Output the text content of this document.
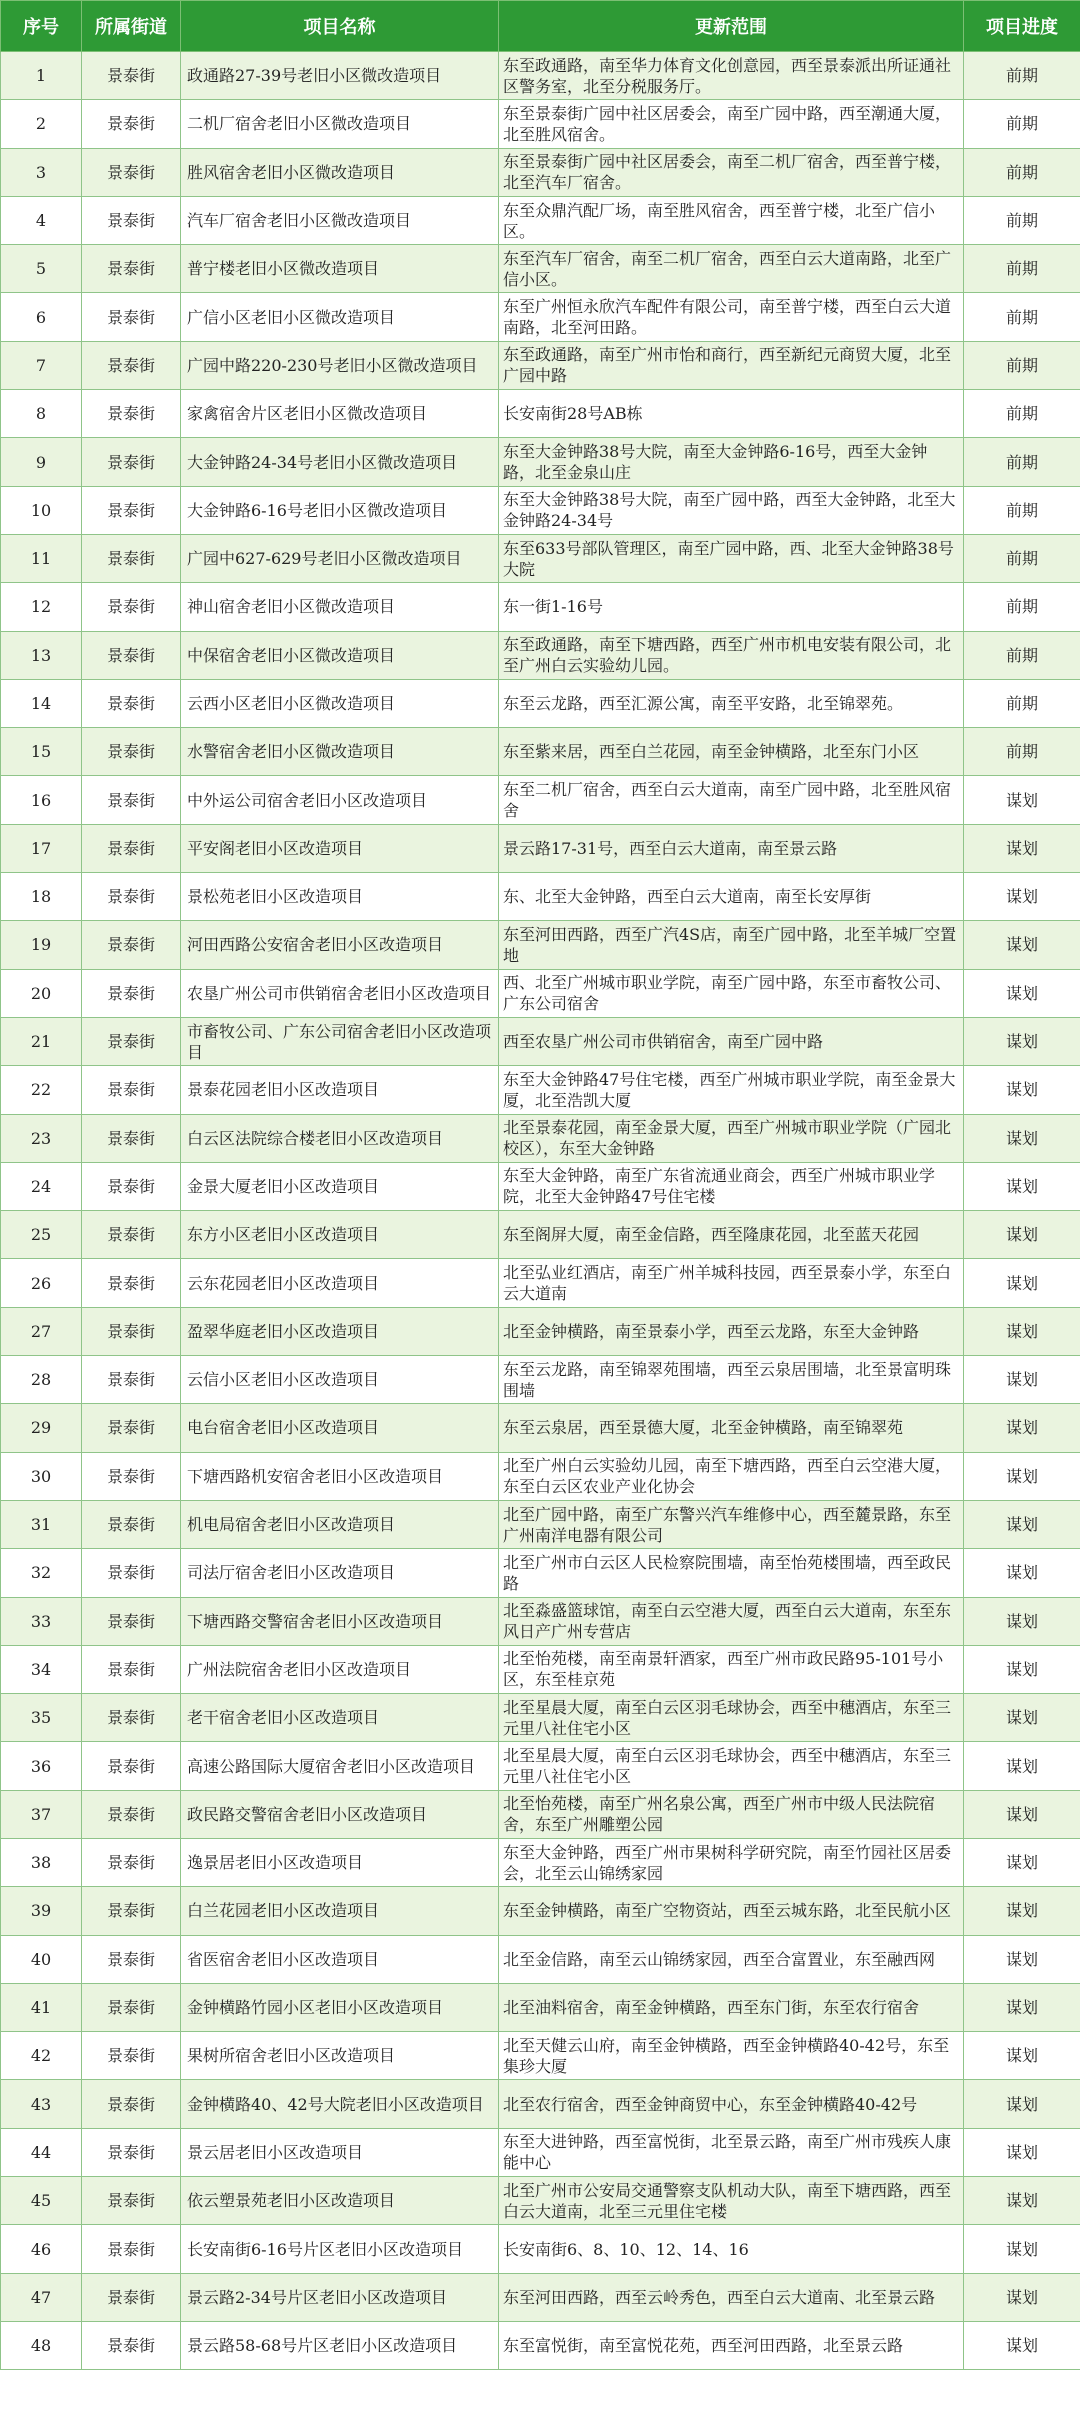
序号	所属街道	项目名称	更新范围	项目进度
1	景泰街	政通路27-39号老旧小区微改造项目	东至政通路，南至华力体育文化创意园，西至景泰派出所证通社区警务室，北至分税服务厅。	前期
2	景泰街	二机厂宿舍老旧小区微改造项目	东至景泰街广园中社区居委会，南至广园中路，西至潮通大厦，北至胜风宿舍。	前期
3	景泰街	胜风宿舍老旧小区微改造项目	东至景泰街广园中社区居委会，南至二机厂宿舍，西至普宁楼，北至汽车厂宿舍。	前期
4	景泰街	汽车厂宿舍老旧小区微改造项目	东至众鼎汽配厂场，南至胜风宿舍，西至普宁楼，北至广信小区。	前期
5	景泰街	普宁楼老旧小区微改造项目	东至汽车厂宿舍，南至二机厂宿舍，西至白云大道南路，北至广信小区。	前期
6	景泰街	广信小区老旧小区微改造项目	东至广州恒永欣汽车配件有限公司，南至普宁楼，西至白云大道南路，北至河田路。	前期
7	景泰街	广园中路220-230号老旧小区微改造项目	东至政通路，南至广州市怡和商行，西至新纪元商贸大厦，北至广园中路	前期
8	景泰街	家禽宿舍片区老旧小区微改造项目	长安南街28号AB栋	前期
9	景泰街	大金钟路24-34号老旧小区微改造项目	东至大金钟路38号大院，南至大金钟路6-16号，西至大金钟路，北至金泉山庄	前期
10	景泰街	大金钟路6-16号老旧小区微改造项目	东至大金钟路38号大院，南至广园中路，西至大金钟路，北至大金钟路24-34号	前期
11	景泰街	广园中627-629号老旧小区微改造项目	东至633号部队管理区，南至广园中路，西、北至大金钟路38号大院	前期
12	景泰街	神山宿舍老旧小区微改造项目	东一街1-16号	前期
13	景泰街	中保宿舍老旧小区微改造项目	东至政通路，南至下塘西路，西至广州市机电安装有限公司，北至广州白云实验幼儿园。	前期
14	景泰街	云西小区老旧小区微改造项目	东至云龙路，西至汇源公寓，南至平安路，北至锦翠苑。	前期
15	景泰街	水警宿舍老旧小区微改造项目	东至紫来居，西至白兰花园，南至金钟横路，北至东门小区	前期
16	景泰街	中外运公司宿舍老旧小区改造项目	东至二机厂宿舍，西至白云大道南，南至广园中路，北至胜风宿舍	谋划
17	景泰街	平安阁老旧小区改造项目	景云路17-31号，西至白云大道南，南至景云路	谋划
18	景泰街	景松苑老旧小区改造项目	东、北至大金钟路，西至白云大道南，南至长安厚街	谋划
19	景泰街	河田西路公安宿舍老旧小区改造项目	东至河田西路，西至广汽4S店，南至广园中路，北至羊城厂空置地	谋划
20	景泰街	农垦广州公司市供销宿舍老旧小区改造项目	西、北至广州城市职业学院，南至广园中路，东至市畜牧公司、广东公司宿舍	谋划
21	景泰街	市畜牧公司、广东公司宿舍老旧小区改造项目	西至农垦广州公司市供销宿舍，南至广园中路	谋划
22	景泰街	景泰花园老旧小区改造项目	东至大金钟路47号住宅楼，西至广州城市职业学院，南至金景大厦，北至浩凯大厦	谋划
23	景泰街	白云区法院综合楼老旧小区改造项目	北至景泰花园，南至金景大厦，西至广州城市职业学院（广园北校区），东至大金钟路	谋划
24	景泰街	金景大厦老旧小区改造项目	东至大金钟路，南至广东省流通业商会，西至广州城市职业学院，北至大金钟路47号住宅楼	谋划
25	景泰街	东方小区老旧小区改造项目	东至阁屏大厦，南至金信路，西至隆康花园，北至蓝天花园	谋划
26	景泰街	云东花园老旧小区改造项目	北至弘业红酒店，南至广州羊城科技园，西至景泰小学，东至白云大道南	谋划
27	景泰街	盈翠华庭老旧小区改造项目	北至金钟横路，南至景泰小学，西至云龙路，东至大金钟路	谋划
28	景泰街	云信小区老旧小区改造项目	东至云龙路，南至锦翠苑围墙，西至云泉居围墙，北至景富明珠围墙	谋划
29	景泰街	电台宿舍老旧小区改造项目	东至云泉居，西至景德大厦，北至金钟横路，南至锦翠苑	谋划
30	景泰街	下塘西路机安宿舍老旧小区改造项目	北至广州白云实验幼儿园，南至下塘西路，西至白云空港大厦，东至白云区农业产业化协会	谋划
31	景泰街	机电局宿舍老旧小区改造项目	北至广园中路，南至广东警兴汽车维修中心，西至麓景路，东至广州南洋电器有限公司	谋划
32	景泰街	司法厅宿舍老旧小区改造项目	北至广州市白云区人民检察院围墙，南至怡苑楼围墙，西至政民路	谋划
33	景泰街	下塘西路交警宿舍老旧小区改造项目	北至淼盛篮球馆，南至白云空港大厦，西至白云大道南，东至东风日产广州专营店	谋划
34	景泰街	广州法院宿舍老旧小区改造项目	北至怡苑楼，南至南景轩酒家，西至广州市政民路95-101号小区，东至桂京苑	谋划
35	景泰街	老干宿舍老旧小区改造项目	北至星晨大厦，南至白云区羽毛球协会，西至中穗酒店，东至三元里八社住宅小区	谋划
36	景泰街	高速公路国际大厦宿舍老旧小区改造项目	北至星晨大厦，南至白云区羽毛球协会，西至中穗酒店，东至三元里八社住宅小区	谋划
37	景泰街	政民路交警宿舍老旧小区改造项目	北至怡苑楼，南至广州名泉公寓，西至广州市中级人民法院宿舍，东至广州雕塑公园	谋划
38	景泰街	逸景居老旧小区改造项目	东至大金钟路，西至广州市果树科学研究院，南至竹园社区居委会，北至云山锦绣家园	谋划
39	景泰街	白兰花园老旧小区改造项目	东至金钟横路，南至广空物资站，西至云城东路，北至民航小区	谋划
40	景泰街	省医宿舍老旧小区改造项目	北至金信路，南至云山锦绣家园，西至合富置业，东至融西网	谋划
41	景泰街	金钟横路竹园小区老旧小区改造项目	北至油料宿舍，南至金钟横路，西至东门街，东至农行宿舍	谋划
42	景泰街	果树所宿舍老旧小区改造项目	北至天健云山府，南至金钟横路，西至金钟横路40-42号，东至集珍大厦	谋划
43	景泰街	金钟横路40、42号大院老旧小区改造项目	北至农行宿舍，西至金钟商贸中心，东至金钟横路40-42号	谋划
44	景泰街	景云居老旧小区改造项目	东至大进钟路，西至富悦街，北至景云路，南至广州市残疾人康能中心	谋划
45	景泰街	依云塑景苑老旧小区改造项目	北至广州市公安局交通警察支队机动大队，南至下塘西路，西至白云大道南，北至三元里住宅楼	谋划
46	景泰街	长安南街6-16号片区老旧小区改造项目	长安南街6、8、10、12、14、16	谋划
47	景泰街	景云路2-34号片区老旧小区改造项目	东至河田西路，西至云岭秀色，西至白云大道南、北至景云路	谋划
48	景泰街	景云路58-68号片区老旧小区改造项目	东至富悦街，南至富悦花苑，西至河田西路，北至景云路	谋划
